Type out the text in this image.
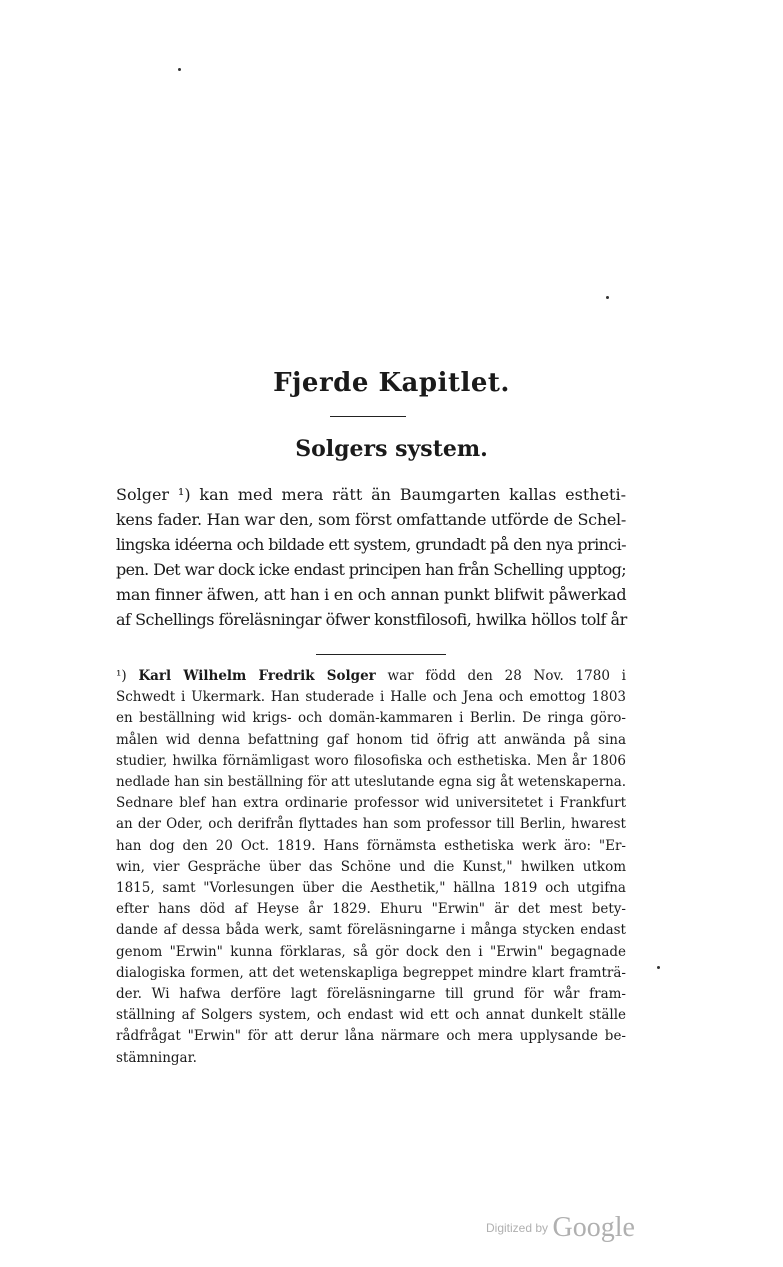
Fjerde Kapitlet.
Solgers system.
Solger ¹) kan med mera rätt än Baumgarten kallas estheti-
kens fader. Han war den, som först omfattande utförde de Schel-
lingska idéerna och bildade ett system, grundadt på den nya princi-
pen. Det war dock icke endast principen han från Schelling upptog;
man finner äfwen, att han i en och annan punkt blifwit påwerkad
af Schellings föreläsningar öfwer konstfilosofi, hwilka höllos tolf år
¹) Karl Wilhelm Fredrik Solger war född den 28 Nov. 1780 i
Schwedt i Ukermark. Han studerade i Halle och Jena och emottog 1803
en beställning wid krigs- och domän-kammaren i Berlin. De ringa göro-
målen wid denna befattning gaf honom tid öfrig att anwända på sina
studier, hwilka förnämligast woro filosofiska och esthetiska. Men år 1806
nedlade han sin beställning för att uteslutande egna sig åt wetenskaperna.
Sednare blef han extra ordinarie professor wid universitetet i Frankfurt
an der Oder, och derifrån flyttades han som professor till Berlin, hwarest
han dog den 20 Oct. 1819. Hans förnämsta esthetiska werk äro: "Er-
win, vier Gespräche über das Schöne und die Kunst," hwilken utkom
1815, samt "Vorlesungen über die Aesthetik," hällna 1819 och utgifna
efter hans död af Heyse år 1829. Ehuru "Erwin" är det mest bety-
dande af dessa båda werk, samt föreläsningarne i många stycken endast
genom "Erwin" kunna förklaras, så gör dock den i "Erwin" begagnade
dialogiska formen, att det wetenskapliga begreppet mindre klart framträ-
der. Wi hafwa derföre lagt föreläsningarne till grund för wår fram-
ställning af Solgers system, och endast wid ett och annat dunkelt ställe
rådfrågat "Erwin" för att derur låna närmare och mera upplysande be-
stämningar.
Digitized by Google
